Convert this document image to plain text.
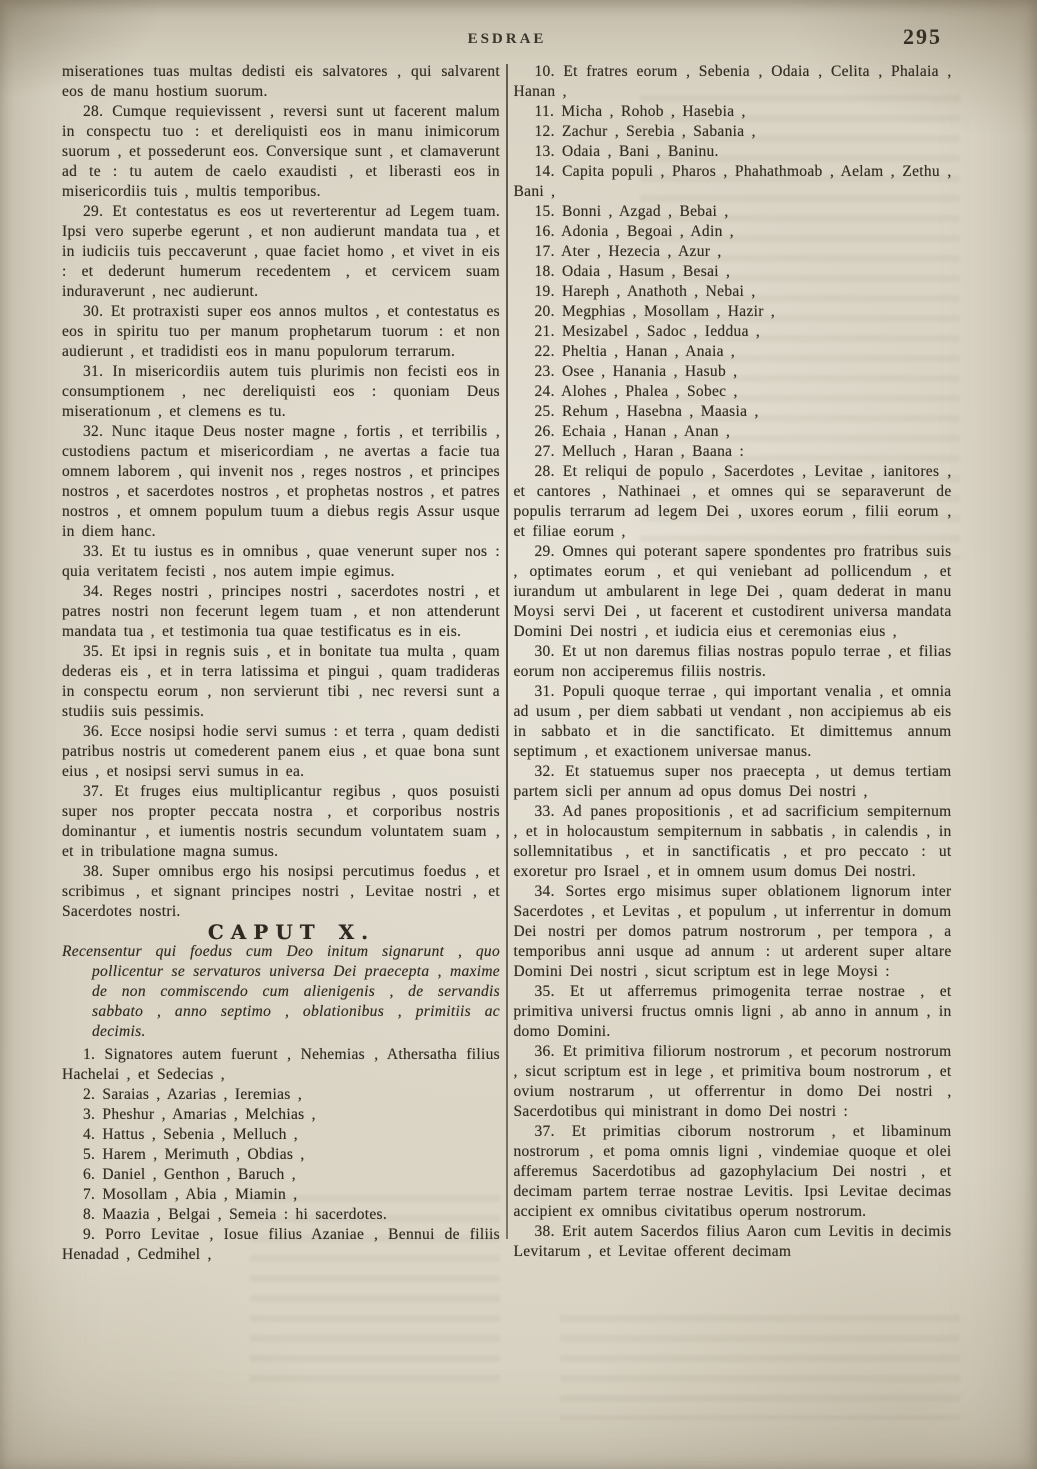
ESDRAE	295

miserationes tuas multas dedisti eis salvatores , qui salvarent eos de manu hostium suorum.

28. Cumque requievissent , reversi sunt ut facerent malum in conspectu tuo : et dereliquisti eos in manu inimicorum suorum , et possederunt eos. Conversique sunt , et clamaverunt ad te : tu autem de caelo exaudisti , et liberasti eos in misericordiis tuis , multis temporibus.

29. Et contestatus es eos ut reverterentur ad Legem tuam. Ipsi vero superbe egerunt , et non audierunt mandata tua , et in iudiciis tuis peccaverunt , quae faciet homo , et vivet in eis : et dederunt humerum recedentem , et cervicem suam induraverunt , nec audierunt.

30. Et protraxisti super eos annos multos , et contestatus es eos in spiritu tuo per manum prophetarum tuorum : et non audierunt , et tradidisti eos in manu populorum terrarum.

31. In misericordiis autem tuis plurimis non fecisti eos in consumptionem , nec dereliquisti eos : quoniam Deus miserationum , et clemens es tu.

32. Nunc itaque Deus noster magne , fortis , et terribilis , custodiens pactum et misericordiam , ne avertas a facie tua omnem laborem , qui invenit nos , reges nostros , et principes nostros , et sacerdotes nostros , et prophetas nostros , et patres nostros , et omnem populum tuum a diebus regis Assur usque in diem hanc.

33. Et tu iustus es in omnibus , quae venerunt super nos : quia veritatem fecisti , nos autem impie egimus.

34. Reges nostri , principes nostri , sacerdotes nostri , et patres nostri non fecerunt legem tuam , et non attenderunt mandata tua , et testimonia tua quae testificatus es in eis.

35. Et ipsi in regnis suis , et in bonitate tua multa , quam dederas eis , et in terra latissima et pingui , quam tradideras in conspectu eorum , non servierunt tibi , nec reversi sunt a studiis suis pessimis.

36. Ecce nosipsi hodie servi sumus : et terra , quam dedisti patribus nostris ut comederent panem eius , et quae bona sunt eius , et nosipsi servi sumus in ea.

37. Et fruges eius multiplicantur regibus , quos posuisti super nos propter peccata nostra , et corporibus nostris dominantur , et iumentis nostris secundum voluntatem suam , et in tribulatione magna sumus.

38. Super omnibus ergo his nosipsi percutimus foedus , et scribimus , et signant principes nostri , Levitae nostri , et Sacerdotes nostri.

CAPUT X.

Recensentur qui foedus cum Deo initum signarunt , quo pollicentur se servaturos universa Dei praecepta , maxime de non commiscendo cum alienigenis , de servandis sabbato , anno septimo , oblationibus , primitiis ac decimis.

1. Signatores autem fuerunt , Nehemias , Athersatha filius Hachelai , et Sedecias ,

2. Saraias , Azarias , Ieremias ,

3. Pheshur , Amarias , Melchias ,

4. Hattus , Sebenia , Melluch ,

5. Harem , Merimuth , Obdias ,

6. Daniel , Genthon , Baruch ,

7. Mosollam , Abia , Miamin ,

8. Maazia , Belgai , Semeia : hi sacerdotes.

9. Porro Levitae , Iosue filius Azaniae , Bennui de filiis Henadad , Cedmihel ,

10. Et fratres eorum , Sebenia , Odaia , Celita , Phalaia , Hanan ,

11. Micha , Rohob , Hasebia ,

12. Zachur , Serebia , Sabania ,

13. Odaia , Bani , Baninu.

14. Capita populi , Pharos , Phahathmoab , Aelam , Zethu , Bani ,

15. Bonni , Azgad , Bebai ,

16. Adonia , Begoai , Adin ,

17. Ater , Hezecia , Azur ,

18. Odaia , Hasum , Besai ,

19. Hareph , Anathoth , Nebai ,

20. Megphias , Mosollam , Hazir ,

21. Mesizabel , Sadoc , Ieddua ,

22. Pheltia , Hanan , Anaia ,

23. Osee , Hanania , Hasub ,

24. Alohes , Phalea , Sobec ,

25. Rehum , Hasebna , Maasia ,

26. Echaia , Hanan , Anan ,

27. Melluch , Haran , Baana :

28. Et reliqui de populo , Sacerdotes , Levitae , ianitores , et cantores , Nathinaei , et omnes qui se separaverunt de populis terrarum ad legem Dei , uxores eorum , filii eorum , et filiae eorum ,

29. Omnes qui poterant sapere spondentes pro fratribus suis , optimates eorum , et qui veniebant ad pollicendum , et iurandum ut ambularent in lege Dei , quam dederat in manu Moysi servi Dei , ut facerent et custodirent universa mandata Domini Dei nostri , et iudicia eius et ceremonias eius ,

30. Et ut non daremus filias nostras populo terrae , et filias eorum non acciperemus filiis nostris.

31. Populi quoque terrae , qui important venalia , et omnia ad usum , per diem sabbati ut vendant , non accipiemus ab eis in sabbato et in die sanctificato. Et dimittemus annum septimum , et exactionem universae manus.

32. Et statuemus super nos praecepta , ut demus tertiam partem sicli per annum ad opus domus Dei nostri ,

33. Ad panes propositionis , et ad sacrificium sempiternum , et in holocaustum sempiternum in sabbatis , in calendis , in sollemnitatibus , et in sanctificatis , et pro peccato : ut exoretur pro Israel , et in omnem usum domus Dei nostri.

34. Sortes ergo misimus super oblationem lignorum inter Sacerdotes , et Levitas , et populum , ut inferrentur in domum Dei nostri per domos patrum nostrorum , per tempora , a temporibus anni usque ad annum : ut arderent super altare Domini Dei nostri , sicut scriptum est in lege Moysi :

35. Et ut afferremus primogenita terrae nostrae , et primitiva universi fructus omnis ligni , ab anno in annum , in domo Domini.

36. Et primitiva filiorum nostrorum , et pecorum nostrorum , sicut scriptum est in lege , et primitiva boum nostrorum , et ovium nostrarum , ut offerrentur in domo Dei nostri , Sacerdotibus qui ministrant in domo Dei nostri :

37. Et primitias ciborum nostrorum , et libaminum nostrorum , et poma omnis ligni , vindemiae quoque et olei afferemus Sacerdotibus ad gazophylacium Dei nostri , et decimam partem terrae nostrae Levitis. Ipsi Levitae decimas accipient ex omnibus civitatibus operum nostrorum.

38. Erit autem Sacerdos filius Aaron cum Levitis in decimis Levitarum , et Levitae offerent decimam
